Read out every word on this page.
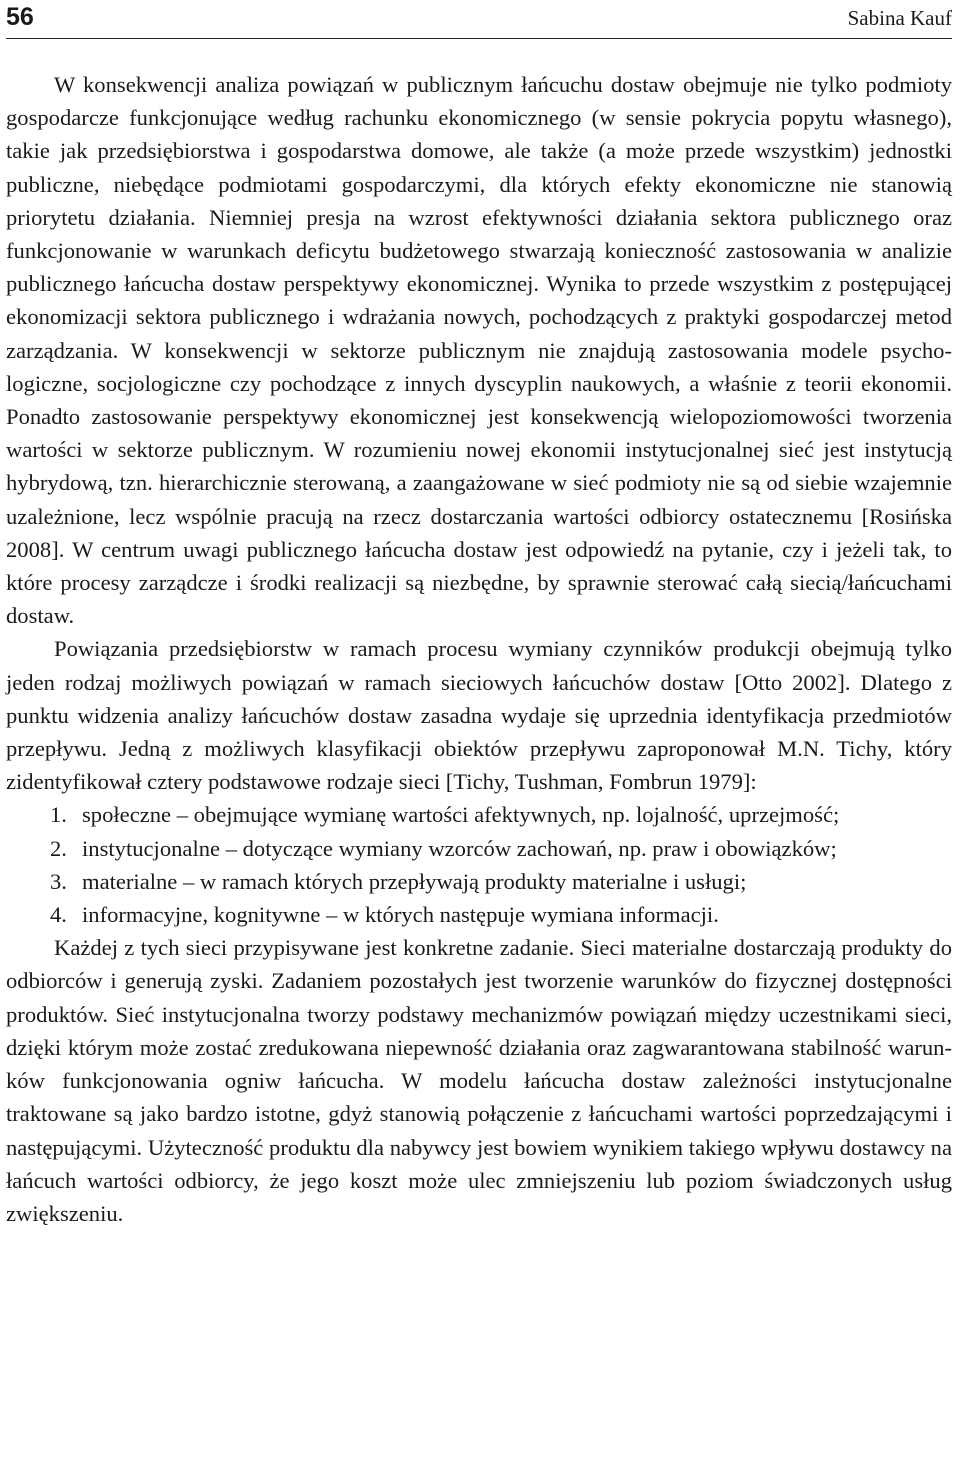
56	Sabina Kauf

W konsekwencji analiza powiązań w publicznym łańcuchu dostaw obejmuje nie tylko podmioty gospodarcze funkcjonujące według rachunku ekonomicznego (w sensie pokrycia popytu własnego), takie jak przedsiębiorstwa i gospodarstwa domowe, ale także (a może przede wszystkim) jednostki publiczne, niebędące podmiotami gospodarczymi, dla których efekty ekonomiczne nie stanowią priorytetu działania. Niemniej presja na wzrost efektywności działania sektora publicznego oraz funkcjonowanie w warunkach deficytu budżetowego stwarzają konieczność zastosowania w analizie publicznego łańcucha dostaw perspektywy ekonomicznej. Wynika to przede wszystkim z postępującej ekonomizacji sektora publicznego i wdrażania nowych, pochodzących z praktyki gospodarczej metod zarządzania. W konsekwencji w sektorze publicznym nie znajdują zastosowania modele psychologiczne, socjologiczne czy pochodzące z innych dyscyplin naukowych, a właśnie z teorii ekonomii. Ponadto zastosowanie perspektywy ekonomicznej jest konsekwencją wielopoziomowości tworzenia wartości w sektorze publicznym. W rozumieniu nowej ekonomii instytucjonalnej sieć jest instytucją hybrydową, tzn. hierarchicznie sterowaną, a zaangażowane w sieć podmioty nie są od siebie wzajemnie uzależnione, lecz wspólnie pracują na rzecz dostarczania wartości odbiorcy ostatecznemu [Rosińska 2008]. W centrum uwagi publicznego łańcucha dostaw jest odpowiedź na pytanie, czy i jeżeli tak, to które procesy zarządcze i środki realizacji są niezbędne, by sprawnie sterować całą siecią/łańcuchami dostaw.

Powiązania przedsiębiorstw w ramach procesu wymiany czynników produkcji obejmują tylko jeden rodzaj możliwych powiązań w ramach sieciowych łańcuchów dostaw [Otto 2002]. Dlatego z punktu widzenia analizy łańcuchów dostaw zasadna wydaje się uprzednia identyfikacja przedmiotów przepływu. Jedną z możliwych klasyfikacji obiektów przepływu zaproponował M.N. Tichy, który zidentyfikował cztery podstawowe rodzaje sieci [Tichy, Tushman, Fombrun 1979]:

1. społeczne – obejmujące wymianę wartości afektywnych, np. lojalność, uprzejmość;

2. instytucjonalne – dotyczące wymiany wzorców zachowań, np. praw i obowiązków;

3. materialne – w ramach których przepływają produkty materialne i usługi;

4. informacyjne, kognitywne – w których następuje wymiana informacji.

Każdej z tych sieci przypisywane jest konkretne zadanie. Sieci materialne dostarczają produkty do odbiorców i generują zyski. Zadaniem pozostałych jest tworzenie warunków do fizycznej dostępności produktów. Sieć instytucjonalna tworzy podstawy mechanizmów powiązań między uczestnikami sieci, dzięki którym może zostać zredukowana niepewność działania oraz zagwarantowana stabilność warunków funkcjonowania ogniw łańcucha. W modelu łańcucha dostaw zależności instytucjonalne traktowane są jako bardzo istotne, gdyż stanowią połączenie z łańcuchami wartości poprzedzającymi i następującymi. Użyteczność produktu dla nabywcy jest bowiem wynikiem takiego wpływu dostawcy na łańcuch wartości odbiorcy, że jego koszt może ulec zmniejszeniu lub poziom świadczonych usług zwiększeniu.
